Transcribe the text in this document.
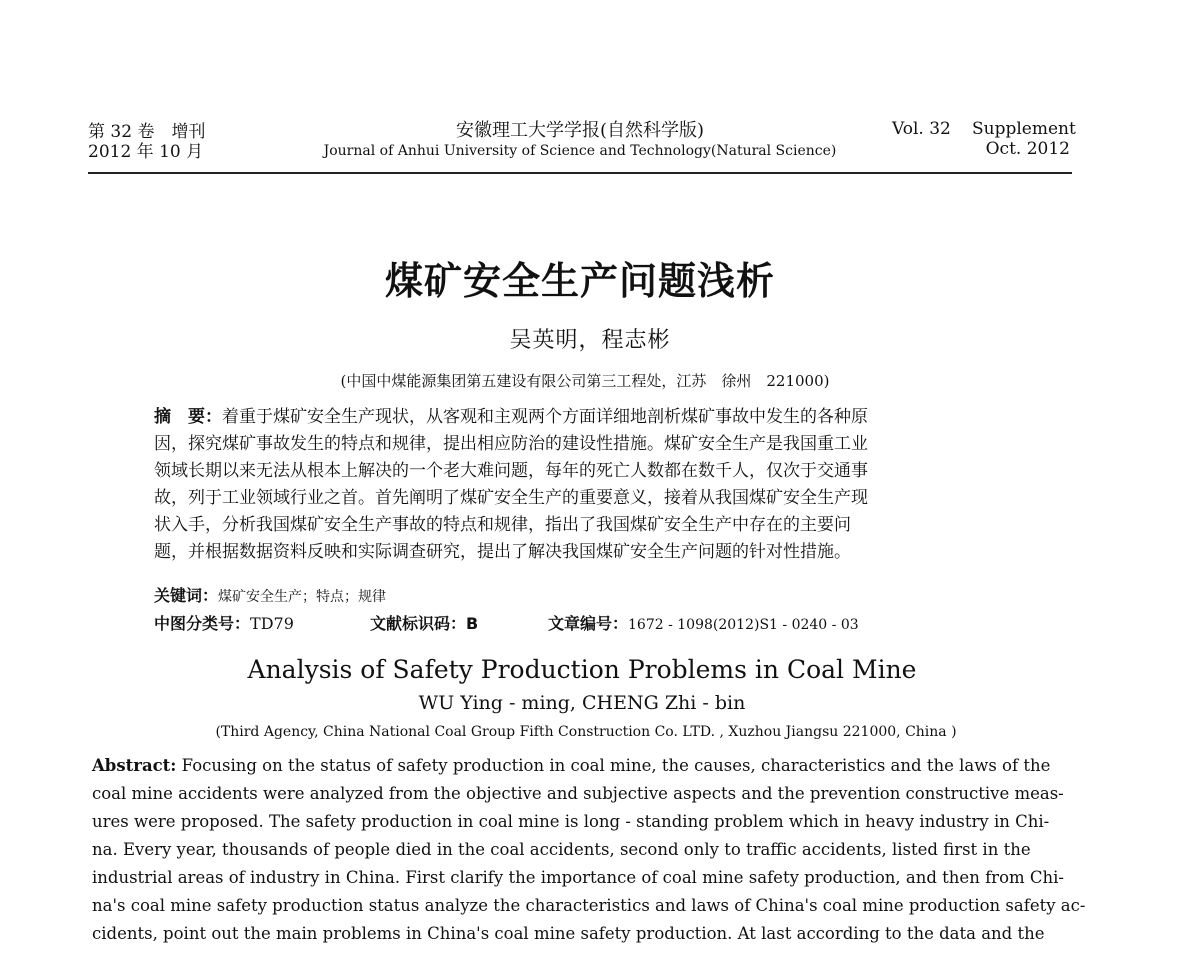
第 32 卷　增刊
2012 年 10 月
安徽理工大学学报(自然科学版)
Journal of Anhui University of Science and Technology(Natural Science)
Vol. 32 Supplement
Oct. 2012
煤矿安全生产问题浅析
吴英明，程志彬
(中国中煤能源集团第五建设有限公司第三工程处，江苏　徐州　221000)
摘　要：着重于煤矿安全生产现状，从客观和主观两个方面详细地剖析煤矿事故中发生的各种原
因，探究煤矿事故发生的特点和规律，提出相应防治的建设性措施。煤矿安全生产是我国重工业
领域长期以来无法从根本上解决的一个老大难问题，每年的死亡人数都在数千人，仅次于交通事
故，列于工业领域行业之首。首先阐明了煤矿安全生产的重要意义，接着从我国煤矿安全生产现
状入手，分析我国煤矿安全生产事故的特点和规律，指出了我国煤矿安全生产中存在的主要问
题，并根据数据资料反映和实际调查研究，提出了解决我国煤矿安全生产问题的针对性措施。
关键词：煤矿安全生产；特点；规律
中图分类号：TD79	文献标识码：B	文章编号：1672 - 1098(2012)S1 - 0240 - 03
Analysis of Safety Production Problems in Coal Mine
WU Ying - ming, CHENG Zhi - bin
(Third Agency, China National Coal Group Fifth Construction Co. LTD. , Xuzhou Jiangsu 221000, China )
Abstract: Focusing on the status of safety production in coal mine, the causes, characteristics and the laws of the
coal mine accidents were analyzed from the objective and subjective aspects and the prevention constructive meas-
ures were proposed. The safety production in coal mine is long - standing problem which in heavy industry in Chi-
na. Every year, thousands of people died in the coal accidents, second only to traffic accidents, listed first in the
industrial areas of industry in China. First clarify the importance of coal mine safety production, and then from Chi-
na's coal mine safety production status analyze the characteristics and laws of China's coal mine production safety ac-
cidents, point out the main problems in China's coal mine safety production. At last according to the data and the
